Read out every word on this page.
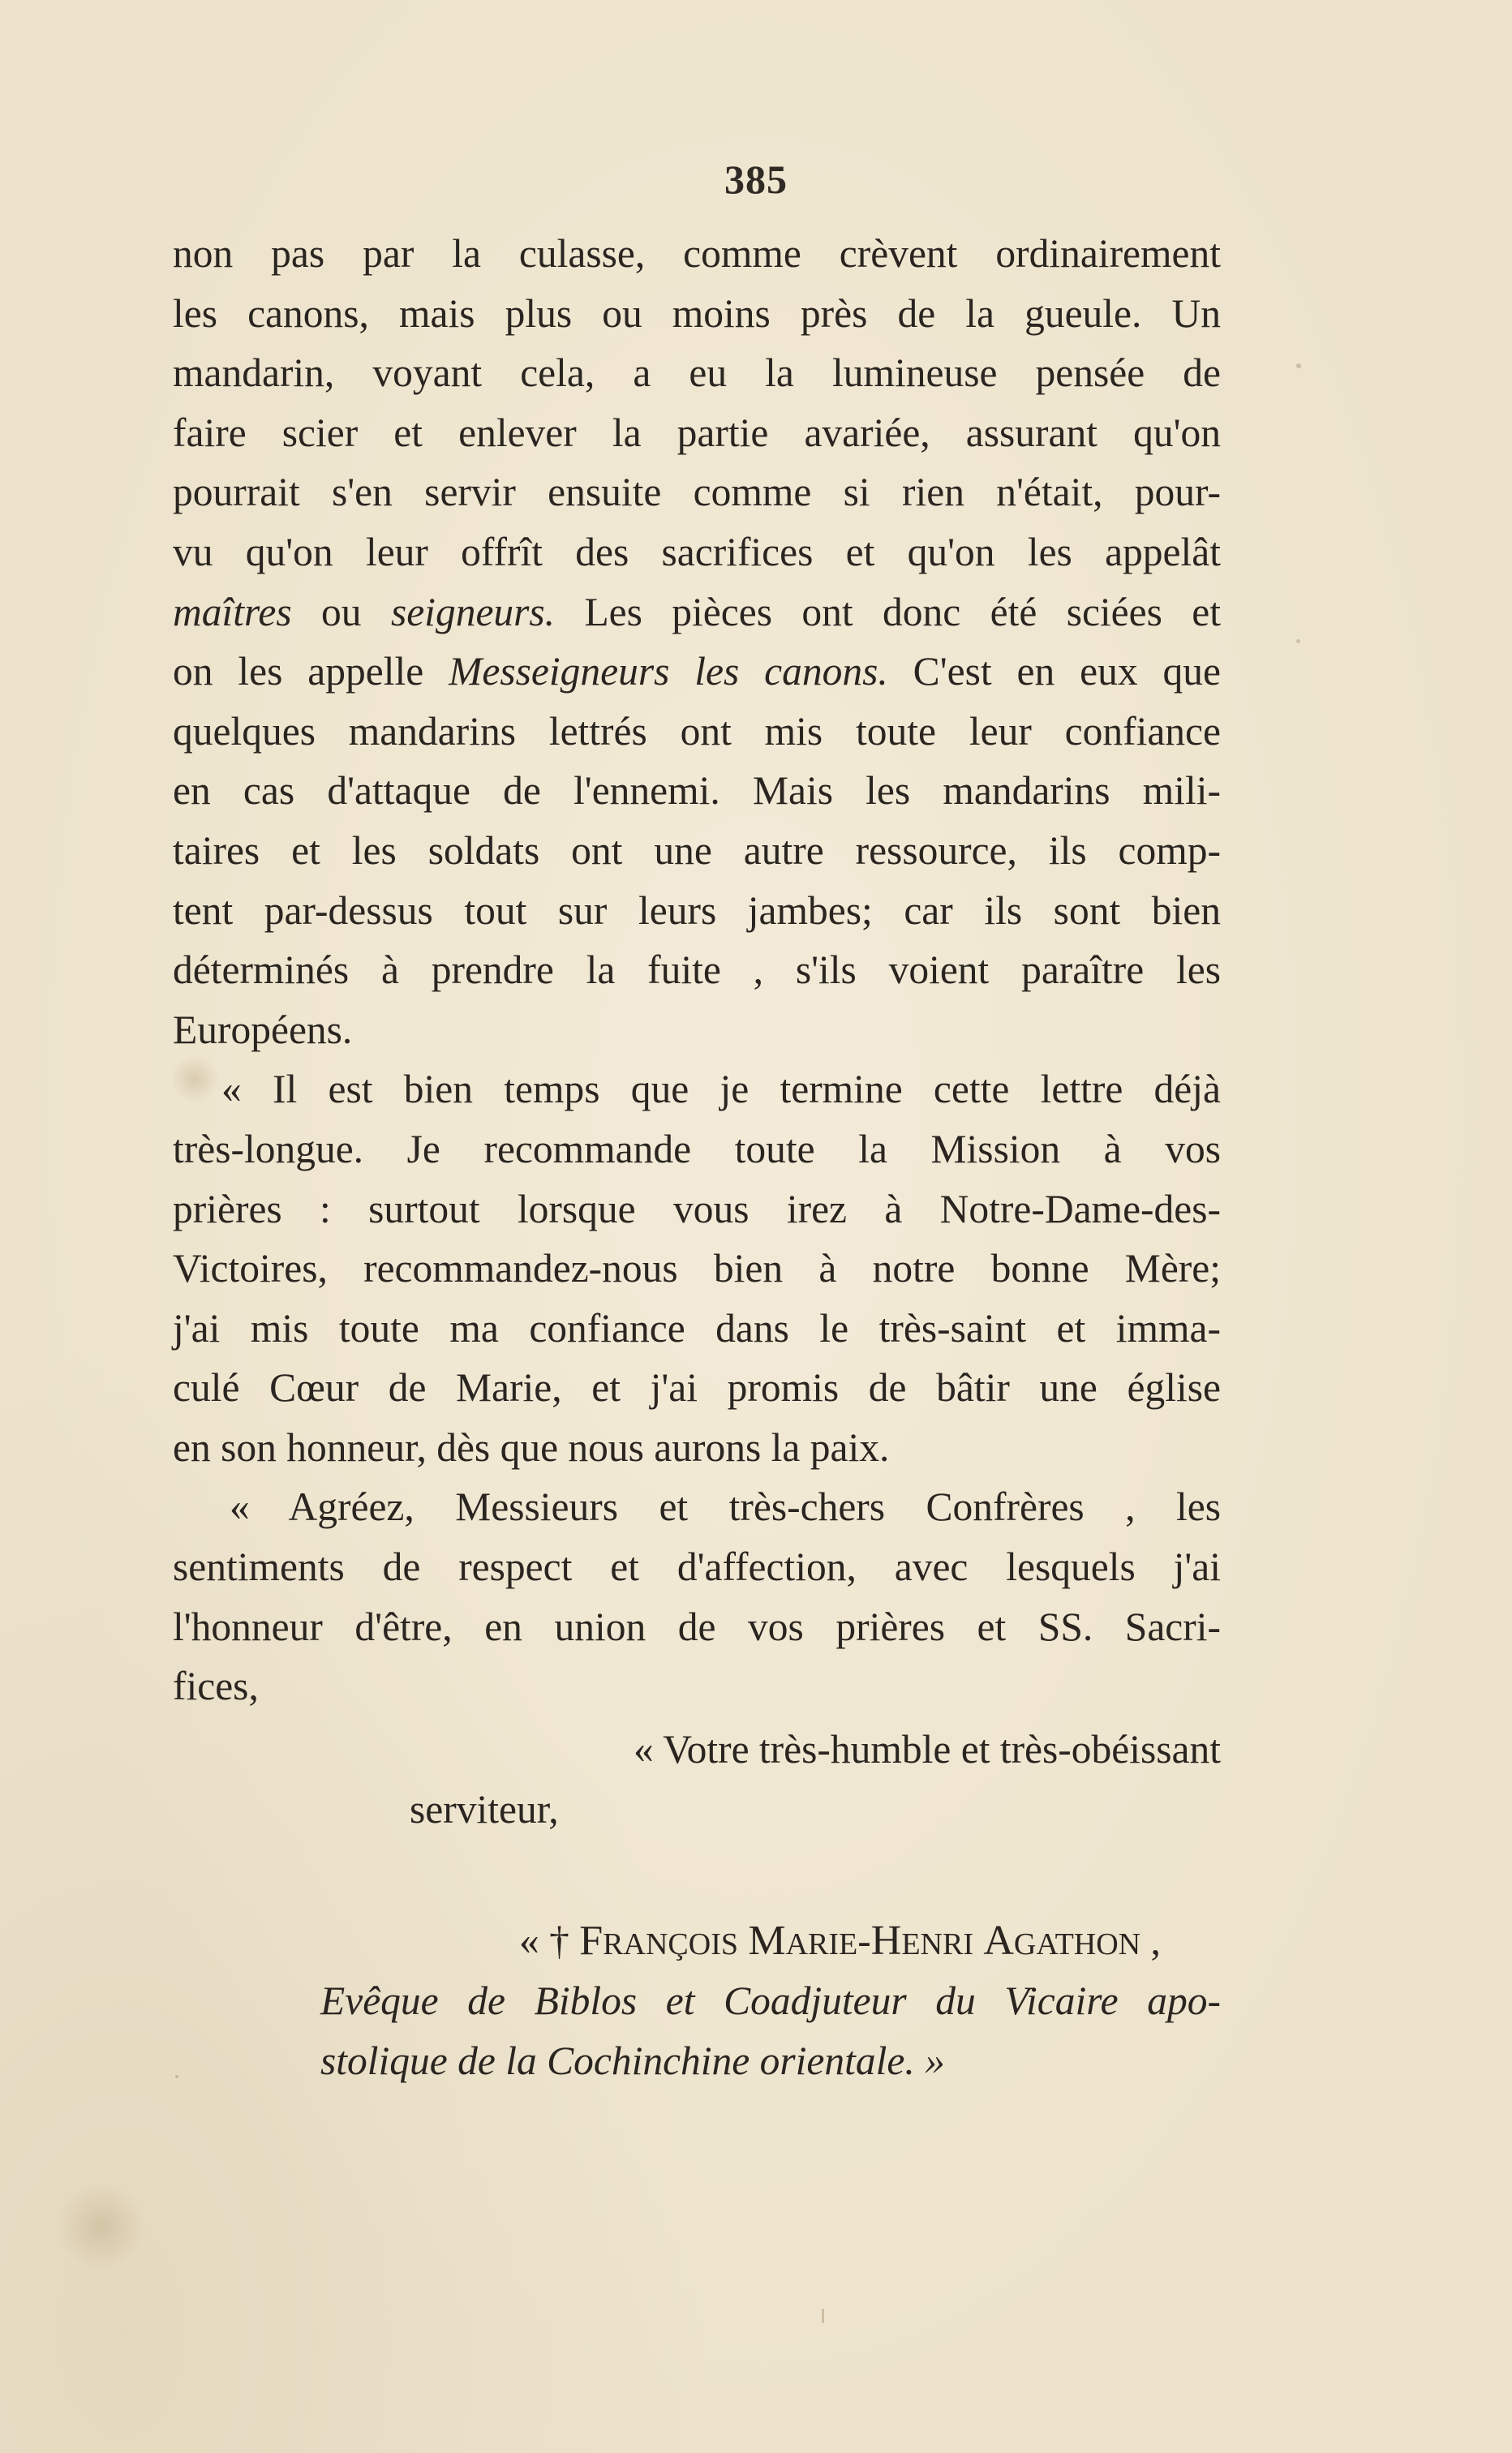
385
non pas par la culasse, comme crèvent ordinairement
les canons, mais plus ou moins près de la gueule. Un
mandarin, voyant cela, a eu la lumineuse pensée de
faire scier et enlever la partie avariée, assurant qu'on
pourrait s'en servir ensuite comme si rien n'était, pour-
vu qu'on leur offrît des sacrifices et qu'on les appelât
maîtres ou seigneurs. Les pièces ont donc été sciées et
on les appelle Messeigneurs les canons. C'est en eux que
quelques mandarins lettrés ont mis toute leur confiance
en cas d'attaque de l'ennemi. Mais les mandarins mili-
taires et les soldats ont une autre ressource, ils comp-
tent par-dessus tout sur leurs jambes; car ils sont bien
déterminés à prendre la fuite , s'ils voient paraître les
Européens.
« Il est bien temps que je termine cette lettre déjà
très-longue. Je recommande toute la Mission à vos
prières : surtout lorsque vous irez à Notre-Dame-des-
Victoires, recommandez-nous bien à notre bonne Mère;
j'ai mis toute ma confiance dans le très-saint et imma-
culé Cœur de Marie, et j'ai promis de bâtir une église
en son honneur, dès que nous aurons la paix.
« Agréez, Messieurs et très-chers Confrères , les
sentiments de respect et d'affection, avec lesquels j'ai
l'honneur d'être, en union de vos prières et SS. Sacri-
fices,
« Votre très-humble et très-obéissant
serviteur,
« † FRANÇOIS MARIE-HENRI AGATHON ,
Evêque de Biblos et Coadjuteur du Vicaire apo-
stolique de la Cochinchine orientale. »
